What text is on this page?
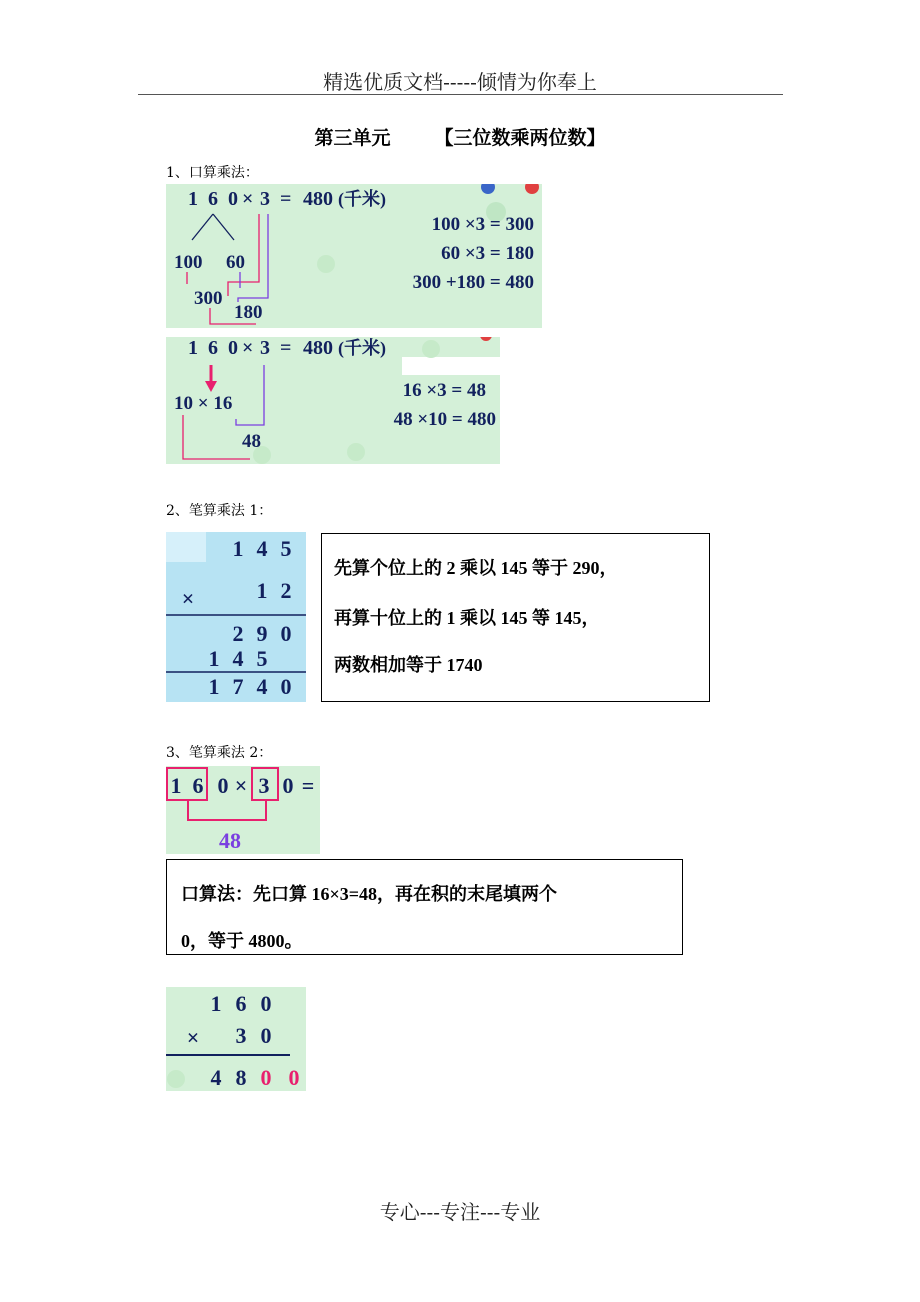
精选优质文档-----倾情为你奉上
第三单元 【三位数乘两位数】
1、口算乘法：
1 6 0 × 3 = 480 (千米)
100 60
300
180
100 ×3 = 300
60 ×3 = 180
300 +180 = 480
1 6 0 × 3 = 480 (千米)
10 × 16
48
16 ×3 = 48
48 ×10 = 480
2、笔算乘法 1：
1 4 5
×	1 2
2 9 0
1 4 5
1 7 4 0
先算个位上的 2 乘以 145 等于 290，
再算十位上的 1 乘以 145 等 145，
两数相加等于 1740
3、笔算乘法 2：
1 6 0 × 3 0 =
48
口算法：先口算 16×3=48，再在积的末尾填两个
0，等于 4800。
1 6 0
× 3 0
4 8 0 0
专心---专注---专业
